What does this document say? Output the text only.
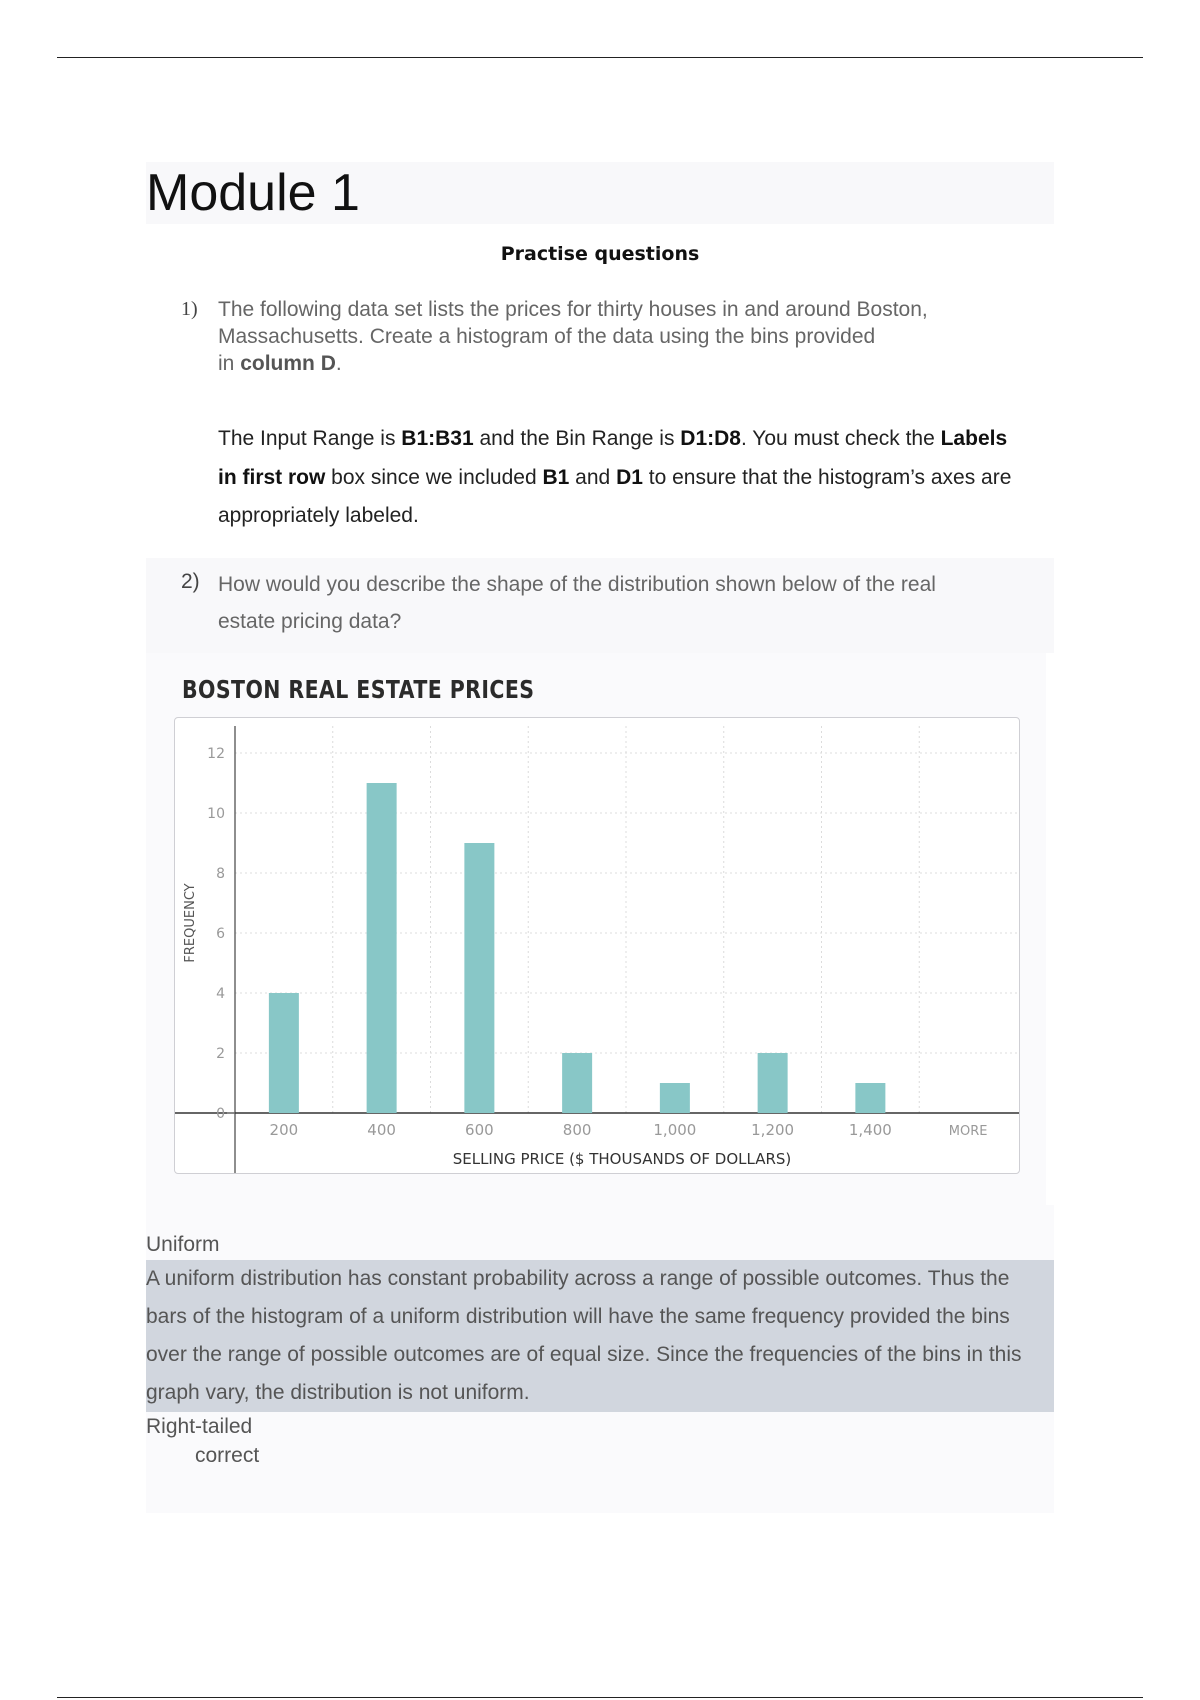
Module 1
Practise questions
1) The following data set lists the prices for thirty houses in and around Boston,
Massachusetts. Create a histogram of the data using the bins provided
in column D.
The Input Range is B1:B31 and the Bin Range is D1:D8. You must check the Labels in first row box since we included B1 and D1 to ensure that the histogram’s axes are appropriately labeled.
2) How would you describe the shape of the distribution shown below of the real
estate pricing data?
BOSTON REAL ESTATE PRICES
0
2
4
6
8
10
12
200	400	600	800	1,000	1,200	1,400	MORE
SELLING PRICE ($ THOUSANDS OF DOLLARS)
FREQUENCY
Uniform
A uniform distribution has constant probability across a range of possible outcomes. Thus the bars of the histogram of a uniform distribution will have the same frequency provided the bins over the range of possible outcomes are of equal size. Since the frequencies of the bins in this graph vary, the distribution is not uniform.
Right-tailed
correct
